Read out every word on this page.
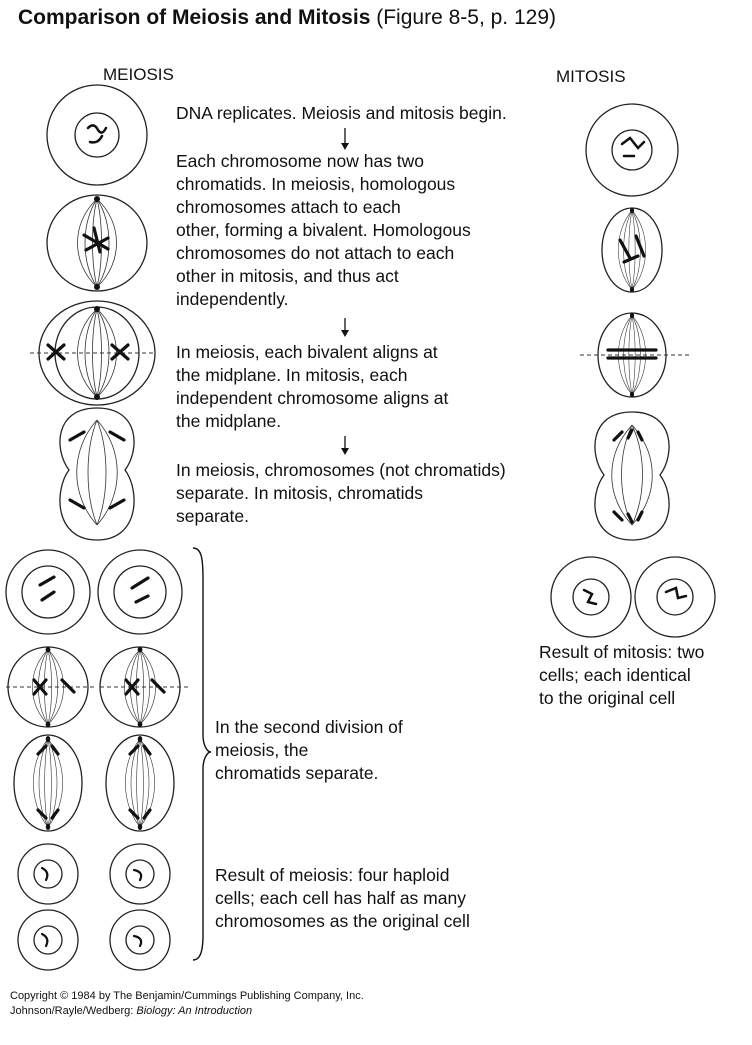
Comparison of Meiosis and Mitosis (Figure 8-5, p. 129)
MEIOSIS	MITOSIS
DNA replicates. Meiosis and mitosis begin.
Each chromosome now has two
chromatids. In meiosis, homologous
chromosomes attach to each
other, forming a bivalent. Homologous
chromosomes do not attach to each
other in mitosis, and thus act
independently.
In meiosis, each bivalent aligns at
the midplane. In mitosis, each
independent chromosome aligns at
the midplane.
In meiosis, chromosomes (not chromatids)
separate. In mitosis, chromatids
separate.
In the second division of
meiosis, the
chromatids separate.
Result of meiosis: four haploid
cells; each cell has half as many
chromosomes as the original cell
Result of mitosis: two
cells; each identical
to the original cell
Copyright © 1984 by The Benjamin/Cummings Publishing Company, Inc.
Johnson/Rayle/Wedberg: Biology: An Introduction
